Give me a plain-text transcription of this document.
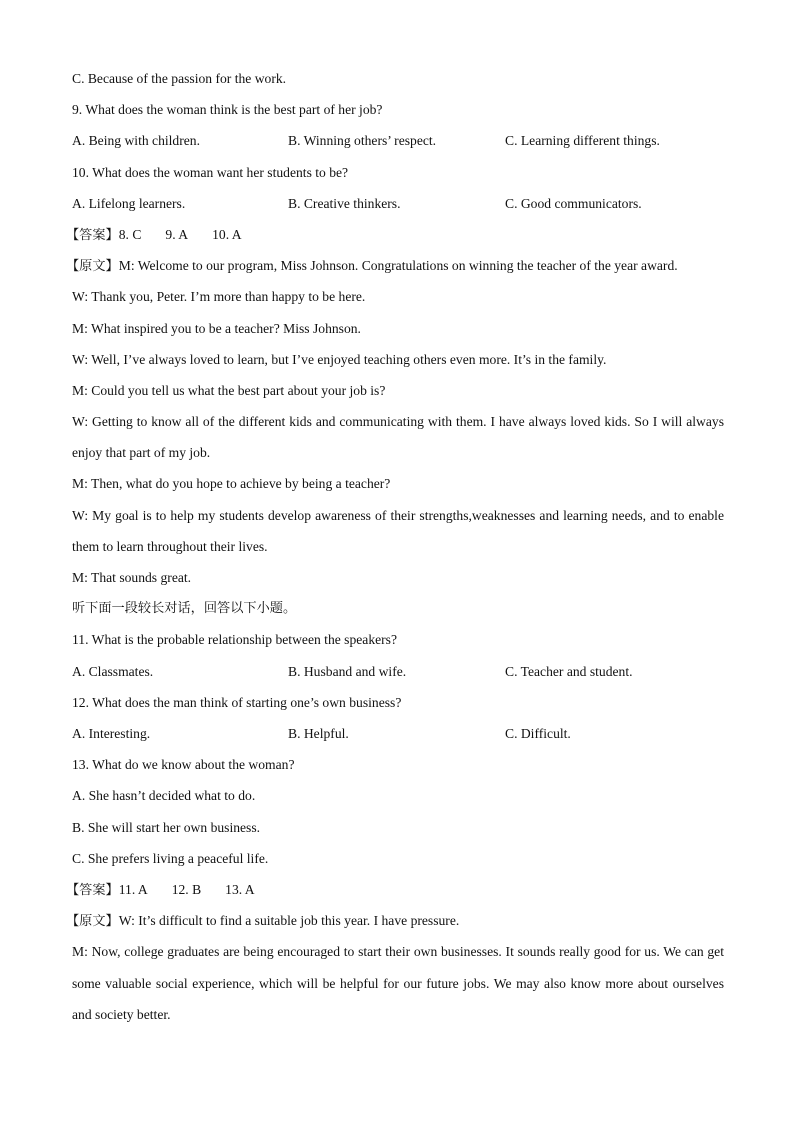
C. Because of the passion for the work.
9. What does the woman think is the best part of her job?
A. Being with children.	B. Winning others’ respect.	C. Learning different things.
10. What does the woman want her students to be?
A. Lifelong learners.	B. Creative thinkers.	C. Good communicators.
【答案】8. C 9. A 10. A
【原文】M: Welcome to our program, Miss Johnson. Congratulations on winning the teacher of the year award.
W: Thank you, Peter. I’m more than happy to be here.
M: What inspired you to be a teacher? Miss Johnson.
W: Well, I’ve always loved to learn, but I’ve enjoyed teaching others even more. It’s in the family.
M: Could you tell us what the best part about your job is?
W: Getting to know all of the different kids and communicating with them. I have always loved kids. So I will always enjoy that part of my job.
M: Then, what do you hope to achieve by being a teacher?
W: My goal is to help my students develop awareness of their strengths,weaknesses and learning needs, and to enable them to learn throughout their lives.
M: That sounds great.
听下面一段较长对话，回答以下小题。
11. What is the probable relationship between the speakers?
A. Classmates.	B. Husband and wife.	C. Teacher and student.
12. What does the man think of starting one’s own business?
A. Interesting.	B. Helpful.	C. Difficult.
13. What do we know about the woman?
A. She hasn’t decided what to do.
B. She will start her own business.
C. She prefers living a peaceful life.
【答案】11. A 12. B 13. A
【原文】W: It’s difficult to find a suitable job this year. I have pressure.
M: Now, college graduates are being encouraged to start their own businesses. It sounds really good for us. We can get some valuable social experience, which will be helpful for our future jobs. We may also know more about ourselves and society better.
